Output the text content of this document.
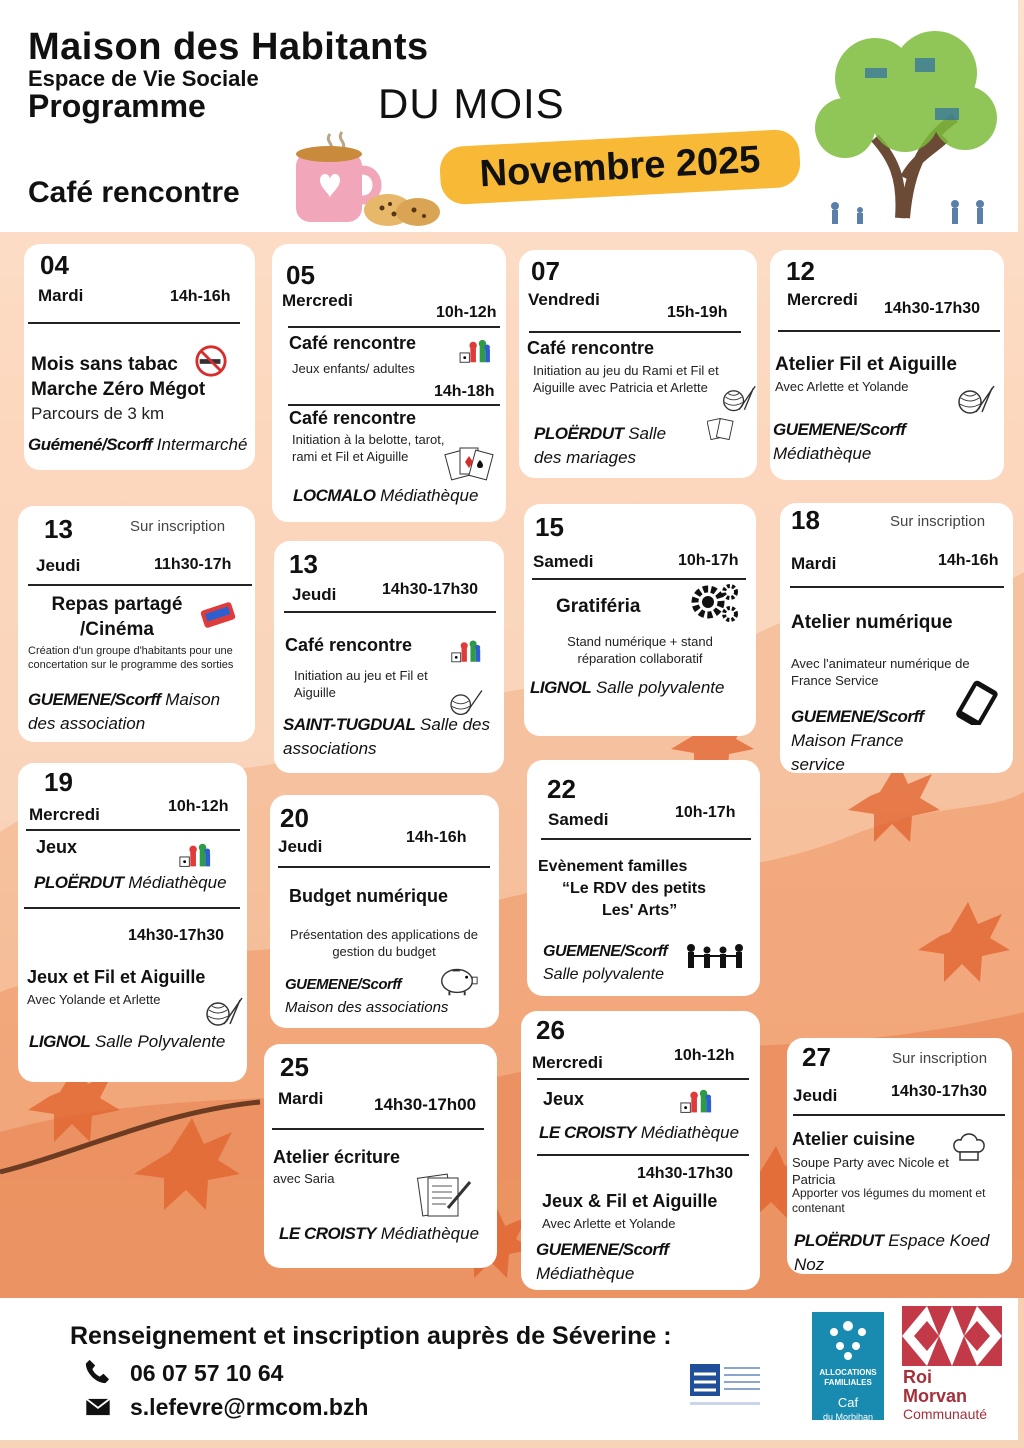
Maison des Habitants
Espace de Vie Sociale
Programme	DU MOIS
Café rencontre	Novembre 2025
04
Mardi	14h-16h
Mois sans tabac
Marche Zéro Mégot
Parcours de 3 km
Guémené/Scorff Intermarché
05
Mercredi
10h-12h
Café rencontre
Jeux enfants/ adultes
14h-18h
Café rencontre
Initiation à la belotte, tarot, rami et Fil et Aiguille
LOCMALO Médiathèque
07
Vendredi
15h-19h
Café rencontre
Initiation au jeu du Rami et Fil et Aiguille avec Patricia et Arlette
PLOËRDUT Salle des mariages
12
Mercredi 14h30-17h30
Atelier Fil et Aiguille
Avec Arlette et Yolande
GUEMENE/Scorff Médiathèque
13	Sur inscription
Jeudi	11h30-17h
Repas partagé /Cinéma
Création d'un groupe d'habitants pour une concertation sur le programme des sorties
GUEMENE/Scorff Maison des association
13
Jeudi	14h30-17h30
Café rencontre
Initiation au jeu et Fil et Aiguille
SAINT-TUGDUAL Salle des associations
15
Samedi	10h-17h
Gratiféria
Stand numérique + stand réparation collaboratif
LIGNOL Salle polyvalente
18	Sur inscription
Mardi	14h-16h
Atelier numérique
Avec l'animateur numérique de France Service
GUEMENE/Scorff
Maison France service
19
Mercredi	10h-12h
Jeux
PLOËRDUT Médiathèque
14h30-17h30
Jeux et Fil et Aiguille
Avec Yolande et Arlette
LIGNOL Salle Polyvalente
20
Jeudi	14h-16h
Budget numérique
Présentation des applications de gestion du budget
GUEMENE/Scorff
Maison des associations
22
Samedi	10h-17h
Evènement familles
“Le RDV des petits
Les' Arts”
GUEMENE/Scorff
Salle polyvalente
25
Mardi	14h30-17h00
Atelier écriture
avec Saria
LE CROISTY Médiathèque
26
Mercredi	10h-12h
Jeux
LE CROISTY Médiathèque
14h30-17h30
Jeux & Fil et Aiguille
Avec Arlette et Yolande
GUEMENE/Scorff Médiathèque
27	Sur inscription
Jeudi	14h30-17h30
Atelier cuisine
Soupe Party avec Nicole et Patricia
Apporter vos légumes du moment et contenant
PLOËRDUT Espace Koed Noz
Renseignement et inscription auprès de Séverine :
06 07 57 10 64
s.lefevre@rmcom.bzh
ALLOCATIONS
FAMILIALES
Caf
du Morbihan
Roi
Morvan
Communauté
